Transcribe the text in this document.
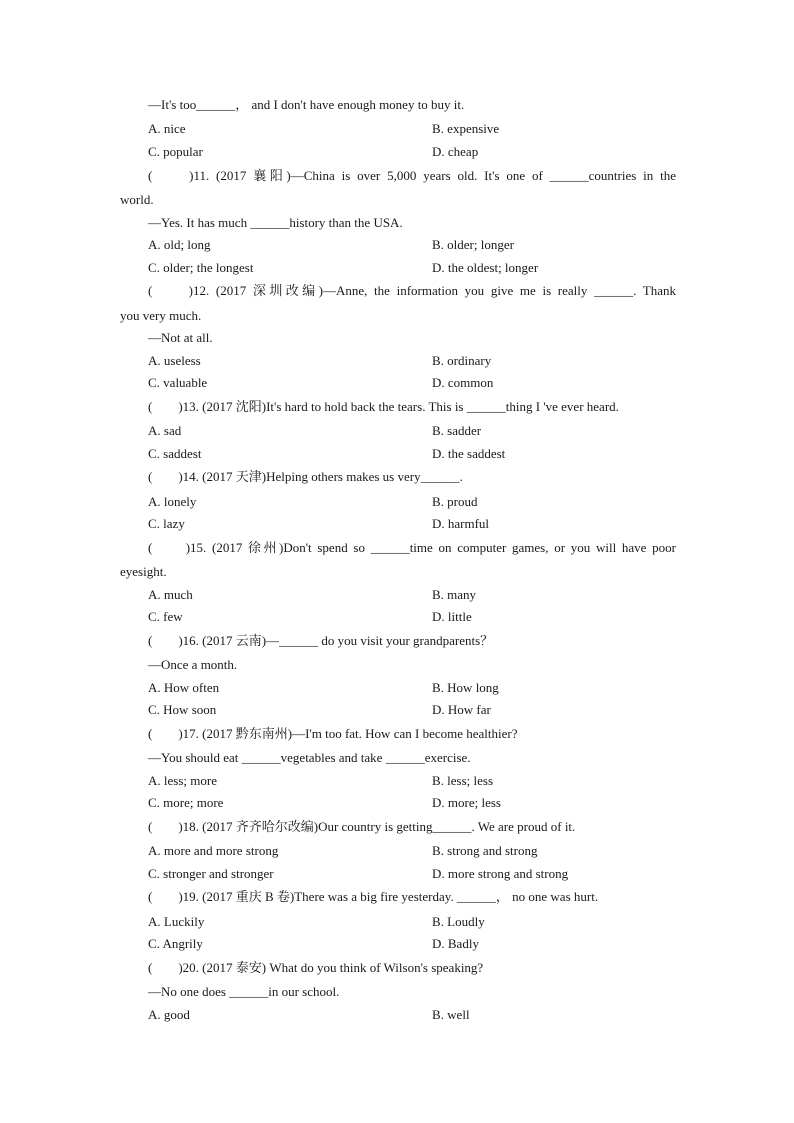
—It's too______， and I don't have enough money to buy it.
A. nice	B. expensive
C. popular	D. cheap
(　　)11. (2017 襄阳)—China is over 5,000 years old. It's one of ______countries in the
world.
—Yes. It has much ______history than the USA.
A. old; long	B. older; longer
C. older; the longest	D. the oldest; longer
(　　)12. (2017 深圳改编)—Anne, the information you give me is really ______. Thank
you very much.
—Not at all.
A. useless	B. ordinary
C. valuable	D. common
(　　)13. (2017 沈阳)It's hard to hold back the tears. This is ______thing I 've ever heard.
A. sad	B. sadder
C. saddest	D. the saddest
(　　)14. (2017 天津)Helping others makes us very______.
A. lonely	B. proud
C. lazy	D. harmful
(　　)15. (2017 徐州)Don't spend so ______time on computer games, or you will have poor
eyesight.
A. much	B. many
C. few	D. little
(　　)16. (2017 云南)—______ do you visit your grandparents？
—Once a month.
A. How often	B. How long
C. How soon	D. How far
(　　)17. (2017 黔东南州)—I'm too fat. How can I become healthier?
—You should eat ______vegetables and take ______exercise.
A. less; more	B. less; less
C. more; more	D. more; less
(　　)18. (2017 齐齐哈尔改编)Our country is getting______. We are proud of it.
A. more and more strong	B. strong and strong
C. stronger and stronger	D. more strong and strong
(　　)19. (2017 重庆 B 卷)There was a big fire yesterday. ______， no one was hurt.
A. Luckily	B. Loudly
C. Angrily	D. Badly
(　　)20. (2017 泰安) What do you think of Wilson's speaking?
—No one does ______in our school.
A. good	B. well
